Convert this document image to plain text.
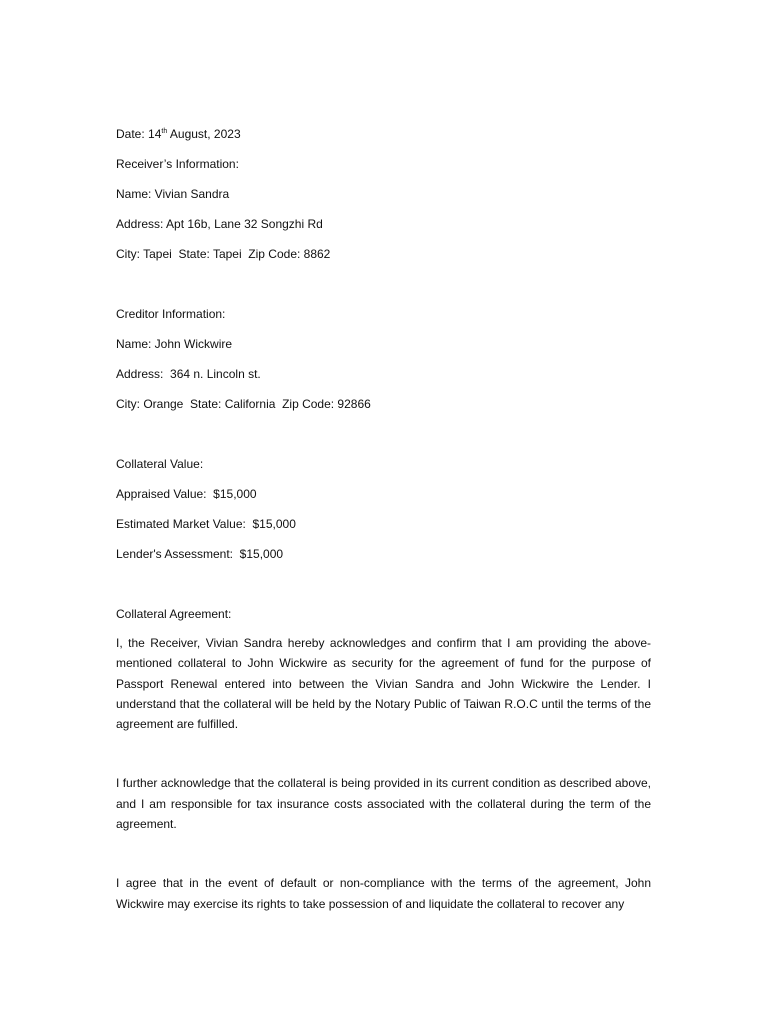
Date: 14th August, 2023
Receiver’s Information:
Name: Vivian Sandra
Address: Apt 16b, Lane 32 Songzhi Rd
City: Tapei  State: Tapei  Zip Code: 8862
Creditor Information:
Name: John Wickwire
Address:  364 n. Lincoln st.
City: Orange  State: California  Zip Code: 92866
Collateral Value:
Appraised Value:  $15,000
Estimated Market Value:  $15,000
Lender's Assessment:  $15,000
Collateral Agreement:

I, the Receiver, Vivian Sandra hereby acknowledges and confirm that I am providing the above-mentioned collateral to John Wickwire as security for the agreement of fund for the purpose of Passport Renewal entered into between the Vivian Sandra and John Wickwire the Lender. I understand that the collateral will be held by the Notary Public of Taiwan R.O.C until the terms of the agreement are fulfilled.

I further acknowledge that the collateral is being provided in its current condition as described above, and I am responsible for tax insurance costs associated with the collateral during the term of the agreement.

I agree that in the event of default or non-compliance with the terms of the agreement, John Wickwire may exercise its rights to take possession of and liquidate the collateral to recover any
